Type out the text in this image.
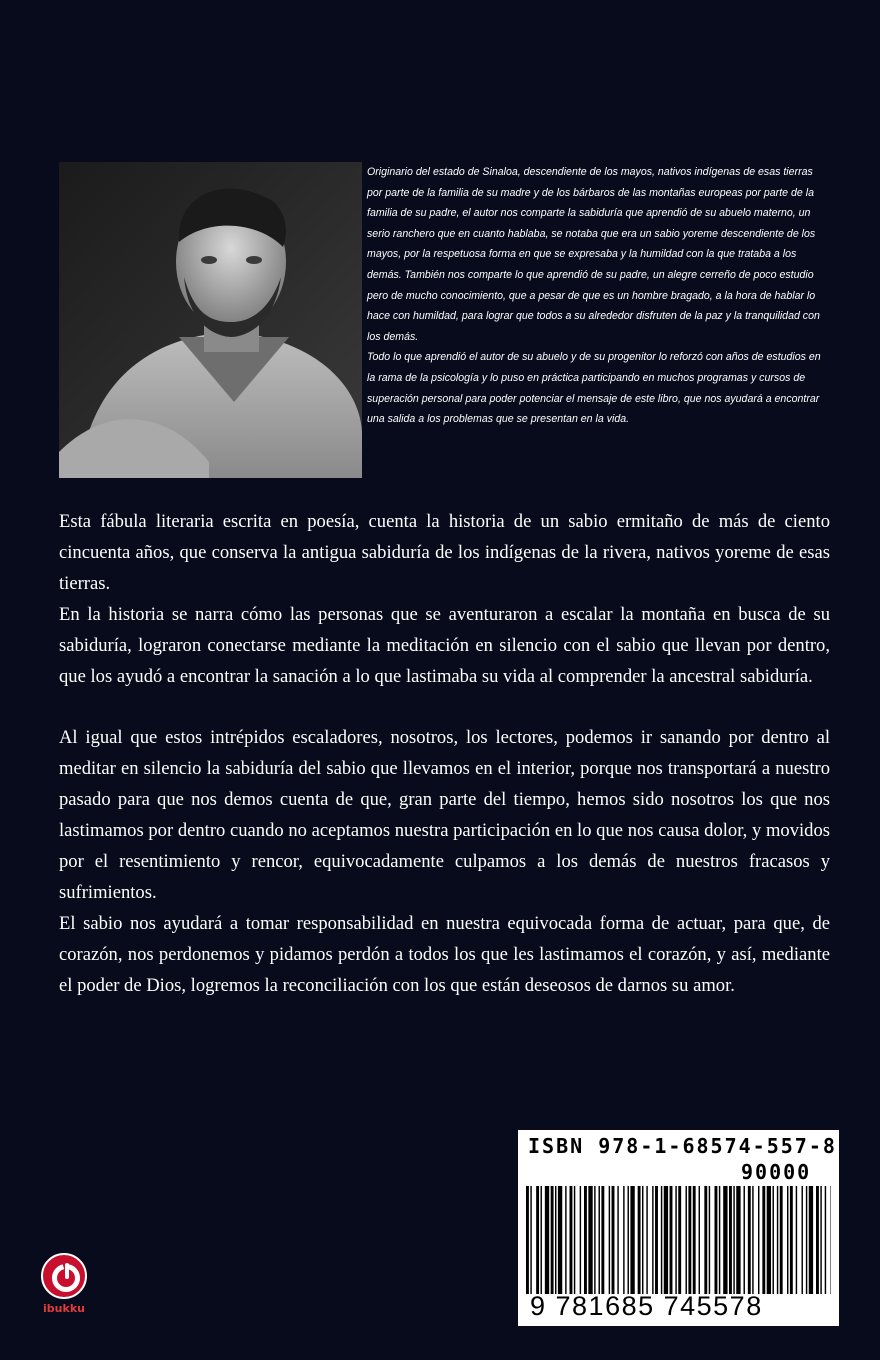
Originario del estado de Sinaloa, descendiente de los mayos, nativos indígenas de esas tierras por parte de la familia de su madre y de los bárbaros de las montañas europeas por parte de la familia de su padre, el autor nos comparte la sabiduría que aprendió de su abuelo materno, un serio ranchero que en cuanto hablaba, se notaba que era un sabio yoreme descendiente de los mayos, por la respetuosa forma en que se expresaba y la humildad con la que trataba a los demás. También nos comparte lo que aprendió de su padre, un alegre cerreño de poco estudio pero de mucho conocimiento, que a pesar de que es un hombre bragado, a la hora de hablar lo hace con humildad, para lograr que todos a su alrededor disfruten de la paz y la tranquilidad con los demás.

Todo lo que aprendió el autor de su abuelo y de su progenitor lo reforzó con años de estudios en la rama de la psicología y lo puso en práctica participando en muchos programas y cursos de superación personal para poder potenciar el mensaje de este libro, que nos ayudará a encontrar una salida a los problemas que se presentan en la vida.

Esta fábula literaria escrita en poesía, cuenta la historia de un sabio ermitaño de más de ciento cincuenta años, que conserva la antigua sabiduría de los indígenas de la rivera, nativos yoreme de esas tierras.

En la historia se narra cómo las personas que se aventuraron a escalar la montaña en busca de su sabiduría, lograron conectarse mediante la meditación en silencio con el sabio que llevan por dentro, que los ayudó a encontrar la sanación a lo que lastimaba su vida al comprender la ancestral sabiduría.

Al igual que estos intrépidos escaladores, nosotros, los lectores, podemos ir sanando por dentro al meditar en silencio la sabiduría del sabio que llevamos en el interior, porque nos transportará a nuestro pasado para que nos demos cuenta de que, gran parte del tiempo, hemos sido nosotros los que nos lastimamos por dentro cuando no aceptamos nuestra participación en lo que nos causa dolor, y movidos por el resentimiento y rencor, equivocadamente culpamos a los demás de nuestros fracasos y sufrimientos.

El sabio nos ayudará a tomar responsabilidad en nuestra equivocada forma de actuar, para que, de corazón, nos perdonemos y pidamos perdón a todos los que les lastimamos el corazón, y así, mediante el poder de Dios, logremos la reconciliación con los que están deseosos de darnos su amor.

ISBN 978-1-68574-557-8
90000
9 781685 745578
ibukku
